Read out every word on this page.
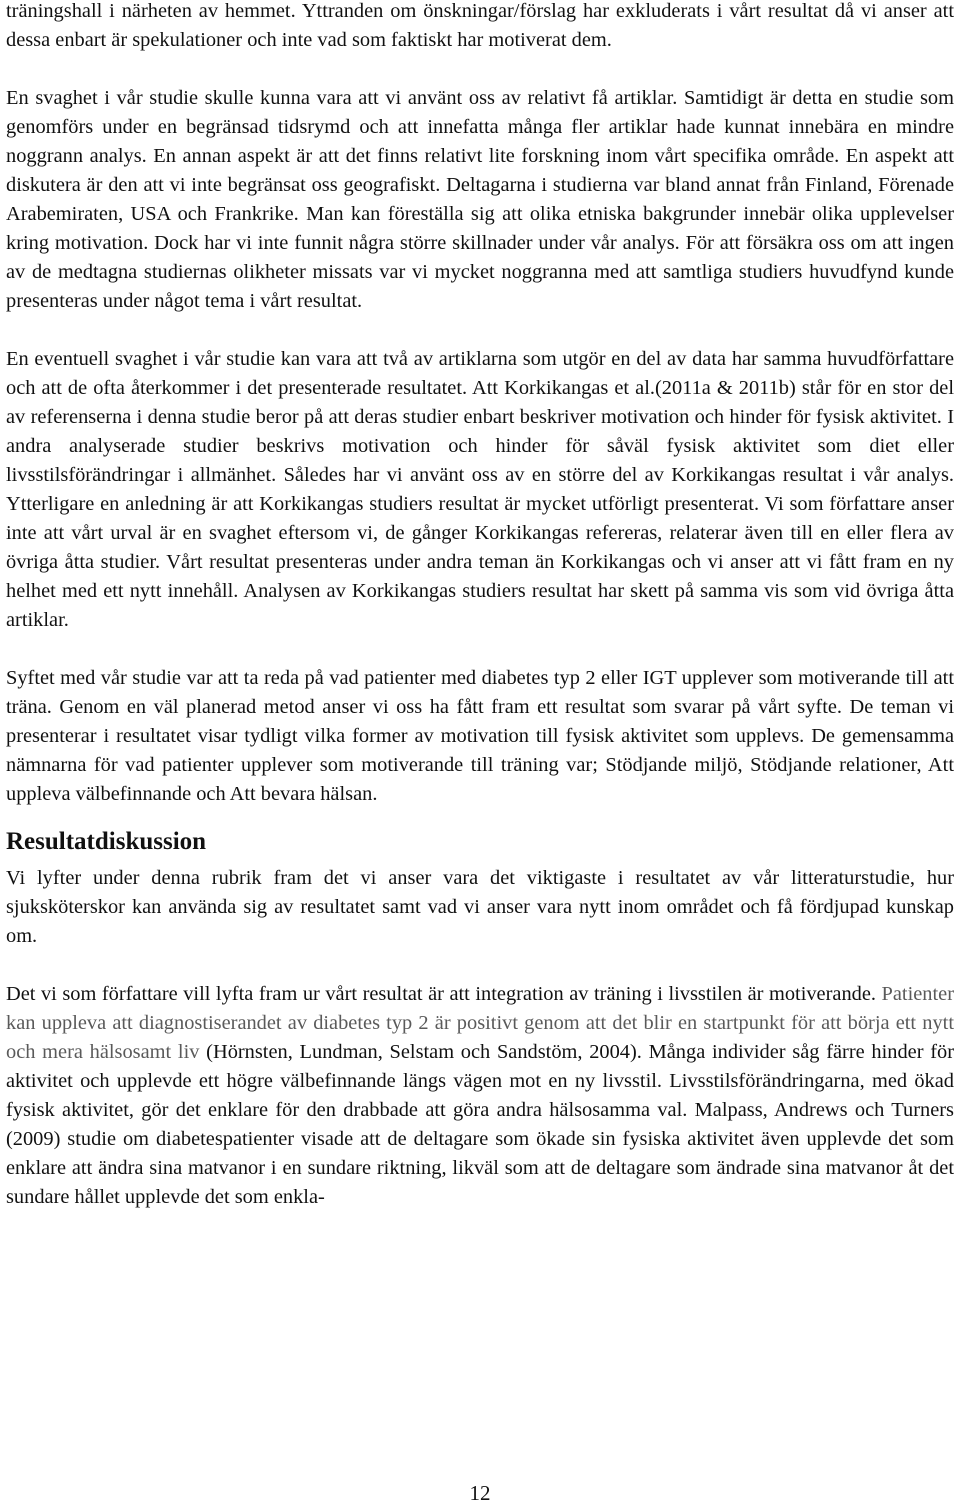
träningshall i närheten av hemmet. Yttranden om önskningar/förslag har exkluderats i vårt resultat då vi anser att dessa enbart är spekulationer och inte vad som faktiskt har motiverat dem.

En svaghet i vår studie skulle kunna vara att vi använt oss av relativt få artiklar. Samtidigt är detta en studie som genomförs under en begränsad tidsrymd och att innefatta många fler artiklar hade kunnat innebära en mindre noggrann analys. En annan aspekt är att det finns relativt lite forskning inom vårt specifika område. En aspekt att diskutera är den att vi inte begränsat oss geografiskt. Deltagarna i studierna var bland annat från Finland, Förenade Arabemiraten, USA och Frankrike. Man kan föreställa sig att olika etniska bakgrunder innebär olika upplevelser kring motivation. Dock har vi inte funnit några större skillnader under vår analys. För att försäkra oss om att ingen av de medtagna studiernas olikheter missats var vi mycket noggranna med att samtliga studiers huvudfynd kunde presenteras under något tema i vårt resultat.

En eventuell svaghet i vår studie kan vara att två av artiklarna som utgör en del av data har samma huvudförfattare och att de ofta återkommer i det presenterade resultatet. Att Korkikangas et al.(2011a & 2011b) står för en stor del av referenserna i denna studie beror på att deras studier enbart beskriver motivation och hinder för fysisk aktivitet. I andra analyserade studier beskrivs motivation och hinder för såväl fysisk aktivitet som diet eller livsstilsförändringar i allmänhet. Således har vi använt oss av en större del av Korkikangas resultat i vår analys. Ytterligare en anledning är att Korkikangas studiers resultat är mycket utförligt presenterat. Vi som författare anser inte att vårt urval är en svaghet eftersom vi, de gånger Korkikangas refereras, relaterar även till en eller flera av övriga åtta studier. Vårt resultat presenteras under andra teman än Korkikangas och vi anser att vi fått fram en ny helhet med ett nytt innehåll. Analysen av Korkikangas studiers resultat har skett på samma vis som vid övriga åtta artiklar.

Syftet med vår studie var att ta reda på vad patienter med diabetes typ 2 eller IGT upplever som motiverande till att träna. Genom en väl planerad metod anser vi oss ha fått fram ett resultat som svarar på vårt syfte. De teman vi presenterar i resultatet visar tydligt vilka former av motivation till fysisk aktivitet som upplevs. De gemensamma nämnarna för vad patienter upplever som motiverande till träning var; Stödjande miljö, Stödjande relationer, Att uppleva välbefinnande och Att bevara hälsan.

Resultatdiskussion

Vi lyfter under denna rubrik fram det vi anser vara det viktigaste i resultatet av vår litteraturstudie, hur sjuksköterskor kan använda sig av resultatet samt vad vi anser vara nytt inom området och få fördjupad kunskap om.

Det vi som författare vill lyfta fram ur vårt resultat är att integration av träning i livsstilen är motiverande. Patienter kan uppleva att diagnostiserandet av diabetes typ 2 är positivt genom att det blir en startpunkt för att börja ett nytt och mera hälsosamt liv (Hörnsten, Lundman, Selstam och Sandstöm, 2004). Många individer såg färre hinder för aktivitet och upplevde ett högre välbefinnande längs vägen mot en ny livsstil. Livsstilsförändringarna, med ökad fysisk aktivitet, gör det enklare för den drabbade att göra andra hälsosamma val. Malpass, Andrews och Turners (2009) studie om diabetespatienter visade att de deltagare som ökade sin fysiska aktivitet även upplevde det som enklare att ändra sina matvanor i en sundare riktning, likväl som att de deltagare som ändrade sina matvanor åt det sundare hållet upplevde det som enkla-

12
